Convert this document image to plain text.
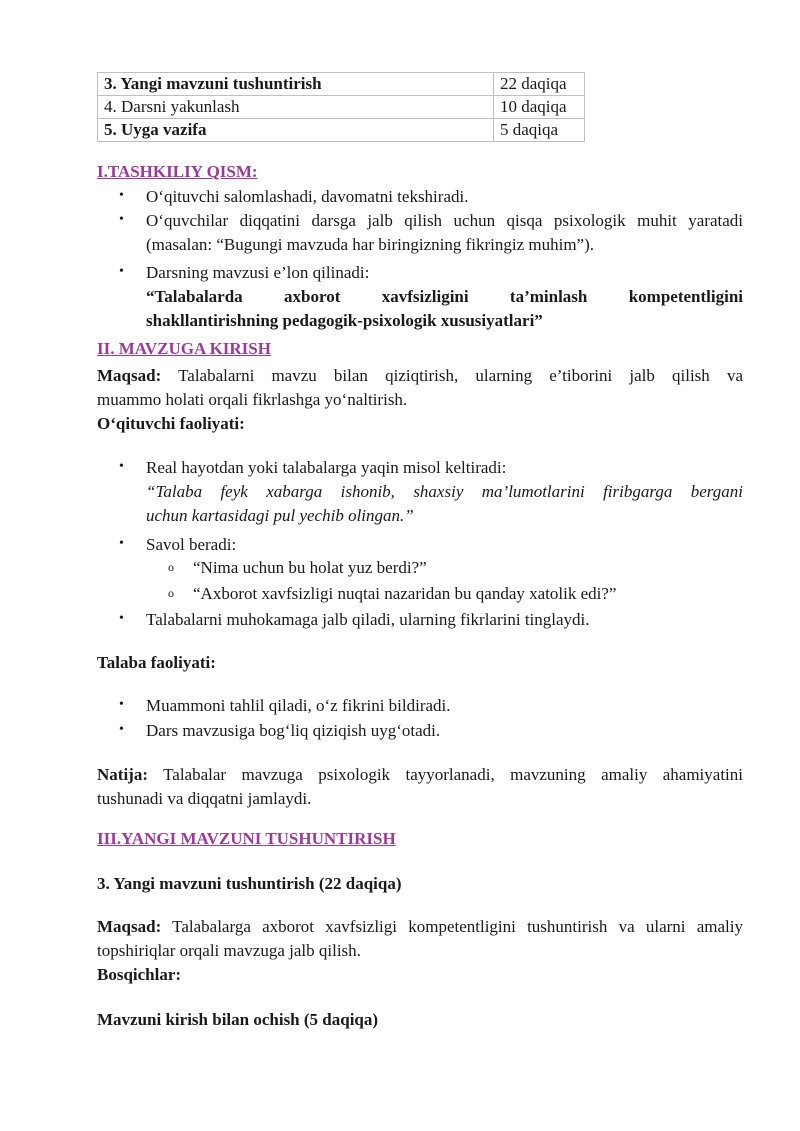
3. Yangi mavzuni tushuntirish	22 daqiqa
4. Darsni yakunlash	10 daqiqa
5. Uyga vazifa	5 daqiqa
I.TASHKILIY QISM:
• O‘qituvchi salomlashadi, davomatni tekshiradi.
• O‘quvchilar diqqatini darsga jalb qilish uchun qisqa psixologik muhit yaratadi
(masalan: “Bugungi mavzuda har biringizning fikringiz muhim”).
• Darsning mavzusi e’lon qilinadi:
“Talabalarda axborot xavfsizligini ta’minlash kompetentligini
shakllantirishning pedagogik-psixologik xususiyatlari”
II. MAVZUGA KIRISH
Maqsad: Talabalarni mavzu bilan qiziqtirish, ularning e’tiborini jalb qilish va
muammo holati orqali fikrlashga yo‘naltirish.
O‘qituvchi faoliyati:
• Real hayotdan yoki talabalarga yaqin misol keltiradi:
“Talaba feyk xabarga ishonib, shaxsiy ma’lumotlarini firibgarga bergani
uchun kartasidagi pul yechib olingan.”
• Savol beradi:
o “Nima uchun bu holat yuz berdi?”
o “Axborot xavfsizligi nuqtai nazaridan bu qanday xatolik edi?”
• Talabalarni muhokamaga jalb qiladi, ularning fikrlarini tinglaydi.
Talaba faoliyati:
• Muammoni tahlil qiladi, o‘z fikrini bildiradi.
• Dars mavzusiga bog‘liq qiziqish uyg‘otadi.
Natija: Talabalar mavzuga psixologik tayyorlanadi, mavzuning amaliy ahamiyatini
tushunadi va diqqatni jamlaydi.
III.YANGI MAVZUNI TUSHUNTIRISH
3. Yangi mavzuni tushuntirish (22 daqiqa)
Maqsad: Talabalarga axborot xavfsizligi kompetentligini tushuntirish va ularni amaliy
topshiriqlar orqali mavzuga jalb qilish.
Bosqichlar:
Mavzuni kirish bilan ochish (5 daqiqa)
